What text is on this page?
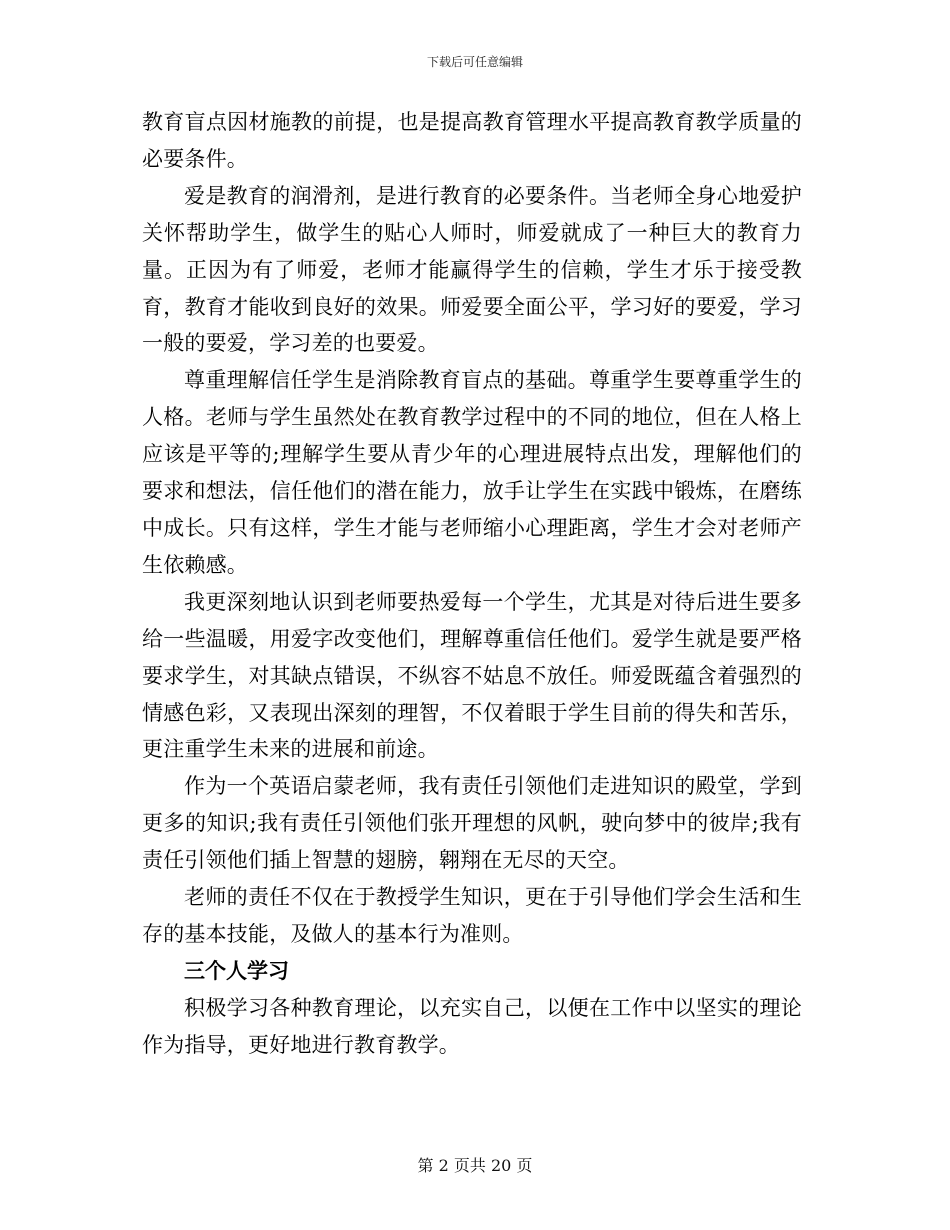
下载后可任意编辑

教育盲点因材施教的前提，也是提高教育管理水平提高教育教学质量的必要条件。

爱是教育的润滑剂，是进行教育的必要条件。当老师全身心地爱护关怀帮助学生，做学生的贴心人师时，师爱就成了一种巨大的教育力量。正因为有了师爱，老师才能赢得学生的信赖，学生才乐于接受教育，教育才能收到良好的效果。师爱要全面公平，学习好的要爱，学习一般的要爱，学习差的也要爱。

尊重理解信任学生是消除教育盲点的基础。尊重学生要尊重学生的人格。老师与学生虽然处在教育教学过程中的不同的地位，但在人格上应该是平等的;理解学生要从青少年的心理进展特点出发，理解他们的要求和想法，信任他们的潜在能力，放手让学生在实践中锻炼，在磨练中成长。只有这样，学生才能与老师缩小心理距离，学生才会对老师产生依赖感。

我更深刻地认识到老师要热爱每一个学生，尤其是对待后进生要多给一些温暖，用爱字改变他们，理解尊重信任他们。爱学生就是要严格要求学生，对其缺点错误，不纵容不姑息不放任。师爱既蕴含着强烈的情感色彩，又表现出深刻的理智，不仅着眼于学生目前的得失和苦乐，更注重学生未来的进展和前途。

作为一个英语启蒙老师，我有责任引领他们走进知识的殿堂，学到更多的知识;我有责任引领他们张开理想的风帆，驶向梦中的彼岸;我有责任引领他们插上智慧的翅膀，翱翔在无尽的天空。

老师的责任不仅在于教授学生知识，更在于引导他们学会生活和生存的基本技能，及做人的基本行为准则。

三个人学习

积极学习各种教育理论，以充实自己，以便在工作中以坚实的理论作为指导，更好地进行教育教学。

第 2 页共 20 页
